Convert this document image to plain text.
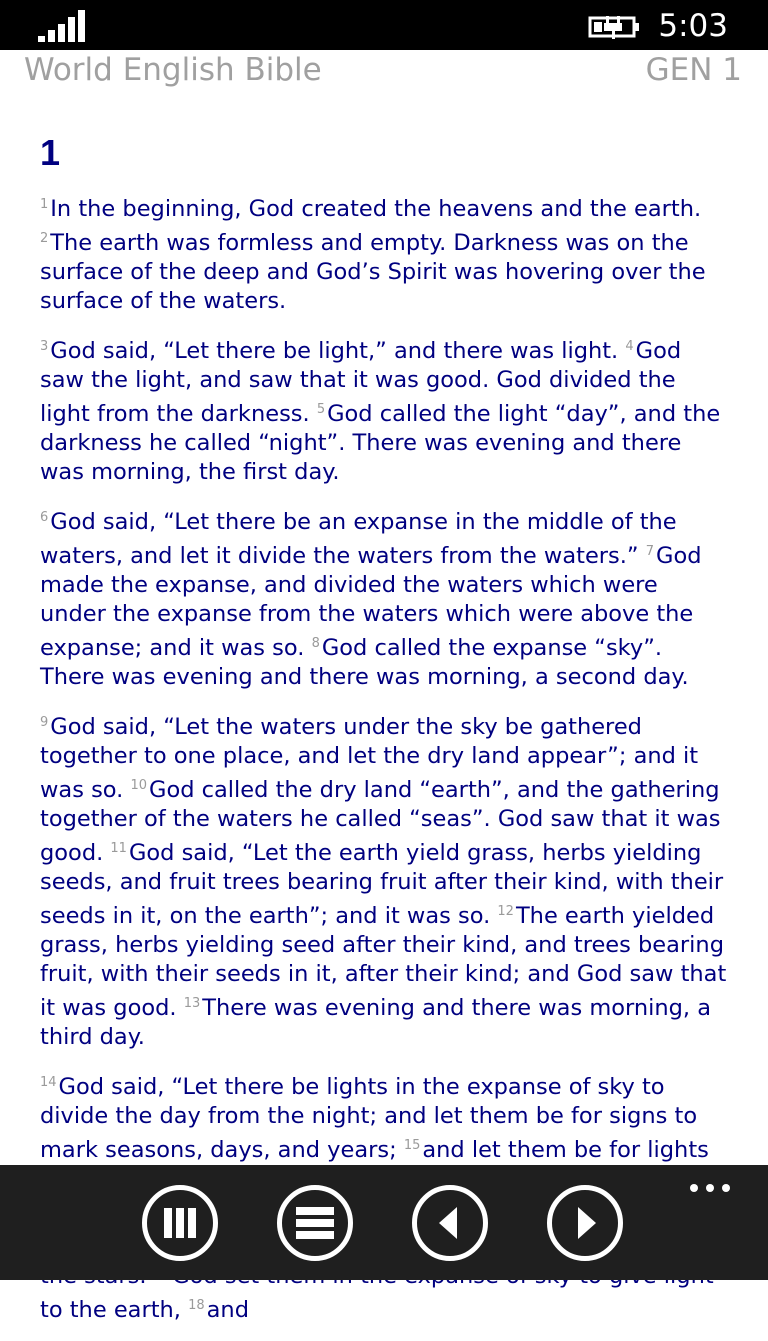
5:03
World English Bible	GEN 1
1

$^1$In the beginning, God created the heavens and the earth. $^2$The earth was formless and empty. Darkness was on the surface of the deep and God’s Spirit was hovering over the surface of the waters.

$^3$God said, “Let there be light,” and there was light. $^4$God saw the light, and saw that it was good. God divided the light from the darkness. $^5$God called the light “day”, and the darkness he called “night”. There was evening and there was morning, the first day.

$^6$God said, “Let there be an expanse in the middle of the waters, and let it divide the waters from the waters.” $^7$God made the expanse, and divided the waters which were under the expanse from the waters which were above the expanse; and it was so. $^8$God called the expanse “sky”. There was evening and there was morning, a second day.

$^9$God said, “Let the waters under the sky be gathered together to one place, and let the dry land appear”; and it was so. $^{10}$God called the dry land “earth”, and the gathering together of the waters he called “seas”. God saw that it was good. $^{11}$God said, “Let the earth yield grass, herbs yielding seeds, and fruit trees bearing fruit after their kind, with their seeds in it, on the earth”; and it was so. $^{12}$The earth yielded grass, herbs yielding seed after their kind, and trees bearing fruit, with their seeds in it, after their kind; and God saw that it was good. $^{13}$There was evening and there was morning, a third day.

$^{14}$God said, “Let there be lights in the expanse of sky to divide the day from the night; and let them be for signs to mark seasons, days, and years; $^{15}$and let them be for lights to the earth, $^{18}$and
